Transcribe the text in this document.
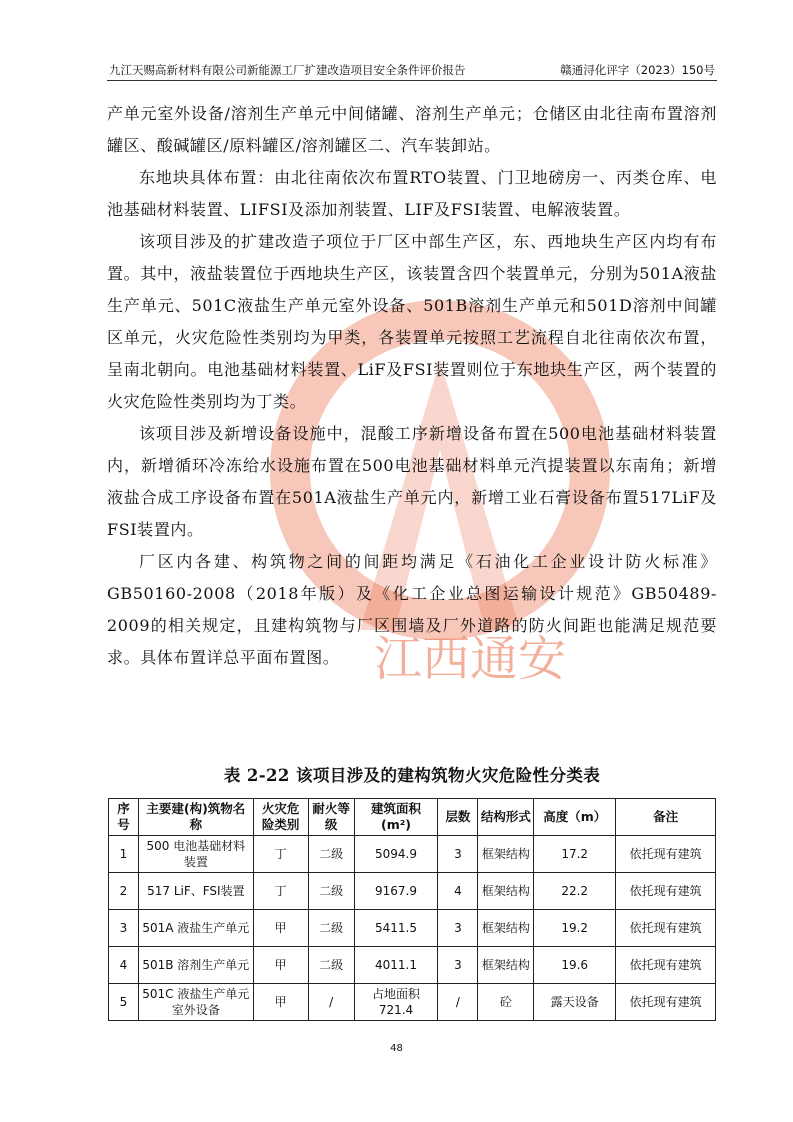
九江天赐高新材料有限公司新能源工厂扩建改造项目安全条件评价报告	赣通浔化评字（2023）150号
江西通安

产单元室外设备/溶剂生产单元中间储罐、溶剂生产单元；仓储区由北往南布置溶剂罐区、酸碱罐区/原料罐区/溶剂罐区二、汽车装卸站。

东地块具体布置：由北往南依次布置RTO装置、门卫地磅房一、丙类仓库、电池基础材料装置、LIFSI及添加剂装置、LIF及FSI装置、电解液装置。

该项目涉及的扩建改造子项位于厂区中部生产区，东、西地块生产区内均有布置。其中，液盐装置位于西地块生产区，该装置含四个装置单元，分别为501A液盐生产单元、501C液盐生产单元室外设备、501B溶剂生产单元和501D溶剂中间罐区单元，火灾危险性类别均为甲类，各装置单元按照工艺流程自北往南依次布置，呈南北朝向。电池基础材料装置、LiF及FSI装置则位于东地块生产区，两个装置的火灾危险性类别均为丁类。

该项目涉及新增设备设施中，混酸工序新增设备布置在500电池基础材料装置内，新增循环冷冻给水设施布置在500电池基础材料单元汽提装置以东南角；新增液盐合成工序设备布置在501A液盐生产单元内，新增工业石膏设备布置517LiF及FSI装置内。

厂区内各建、构筑物之间的间距均满足《石油化工企业设计防火标准》GB50160-2008（2018年版）及《化工企业总图运输设计规范》GB50489-2009的相关规定，且建构筑物与厂区围墙及厂外道路的防火间距也能满足规范要求。具体布置详总平面布置图。

表 2-22 该项目涉及的建构筑物火灾危险性分类表
序号	主要建(构)筑物名称	火灾危险类别	耐火等级	建筑面积(m²)	层数	结构形式	高度（m）	备注
1	500 电池基础材料装置	丁	二级	5094.9	3	框架结构	17.2	依托现有建筑
2	517 LiF、FSI装置	丁	二级	9167.9	4	框架结构	22.2	依托现有建筑
3	501A 液盐生产单元	甲	二级	5411.5	3	框架结构	19.2	依托现有建筑
4	501B 溶剂生产单元	甲	二级	4011.1	3	框架结构	19.6	依托现有建筑
5	501C 液盐生产单元室外设备	甲	/	占地面积 721.4	/	砼	露天设备	依托现有建筑
48
